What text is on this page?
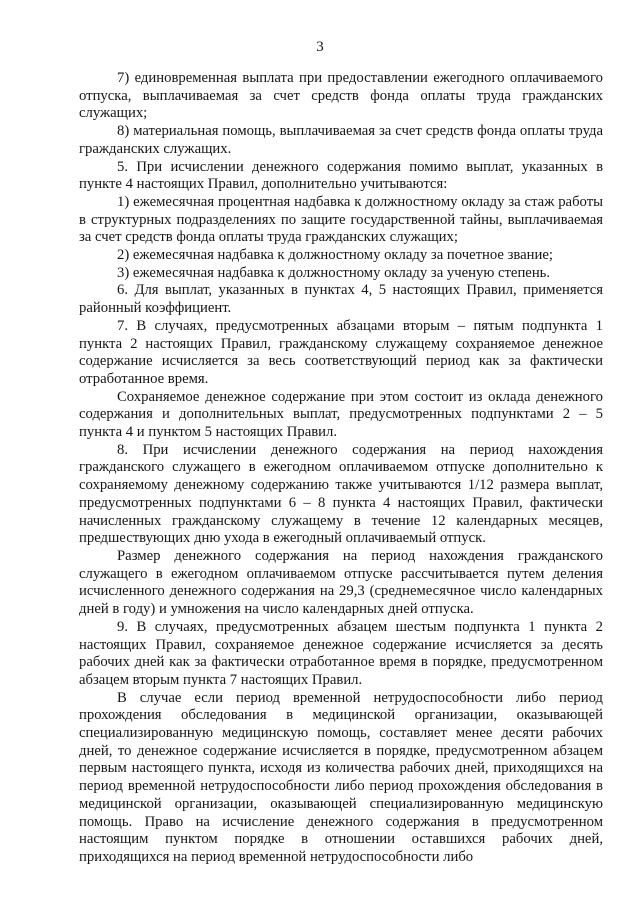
3

7) единовременная выплата при предоставлении ежегодного оплачиваемого отпуска, выплачиваемая за счет средств фонда оплаты труда гражданских служащих;

8) материальная помощь, выплачиваемая за счет средств фонда оплаты труда гражданских служащих.

5. При исчислении денежного содержания помимо выплат, указанных в пункте 4 настоящих Правил, дополнительно учитываются:

1) ежемесячная процентная надбавка к должностному окладу за стаж работы в структурных подразделениях по защите государственной тайны, выплачиваемая за счет средств фонда оплаты труда гражданских служащих;

2) ежемесячная надбавка к должностному окладу за почетное звание;

3) ежемесячная надбавка к должностному окладу за ученую степень.

6. Для выплат, указанных в пунктах 4, 5 настоящих Правил, применяется районный коэффициент.

7. В случаях, предусмотренных абзацами вторым – пятым подпункта 1 пункта 2 настоящих Правил, гражданскому служащему сохраняемое денежное содержание исчисляется за весь соответствующий период как за фактически отработанное время.

Сохраняемое денежное содержание при этом состоит из оклада денежного содержания и дополнительных выплат, предусмотренных подпунктами 2 – 5 пункта 4 и пунктом 5 настоящих Правил.

8. При исчислении денежного содержания на период нахождения гражданского служащего в ежегодном оплачиваемом отпуске дополнительно к сохраняемому денежному содержанию также учитываются 1/12 размера выплат, предусмотренных подпунктами 6 – 8 пункта 4 настоящих Правил, фактически начисленных гражданскому служащему в течение 12 календарных месяцев, предшествующих дню ухода в ежегодный оплачиваемый отпуск.

Размер денежного содержания на период нахождения гражданского служащего в ежегодном оплачиваемом отпуске рассчитывается путем деления исчисленного денежного содержания на 29,3 (среднемесячное число календарных дней в году) и умножения на число календарных дней отпуска.

9. В случаях, предусмотренных абзацем шестым подпункта 1 пункта 2 настоящих Правил, сохраняемое денежное содержание исчисляется за десять рабочих дней как за фактически отработанное время в порядке, предусмотренном абзацем вторым пункта 7 настоящих Правил.

В случае если период временной нетрудоспособности либо период прохождения обследования в медицинской организации, оказывающей специализированную медицинскую помощь, составляет менее десяти рабочих дней, то денежное содержание исчисляется в порядке, предусмотренном абзацем первым настоящего пункта, исходя из количества рабочих дней, приходящихся на период временной нетрудоспособности либо период прохождения обследования в медицинской организации, оказывающей специализированную медицинскую помощь. Право на исчисление денежного содержания в предусмотренном настоящим пунктом порядке в отношении оставшихся рабочих дней, приходящихся на период временной нетрудоспособности либо
